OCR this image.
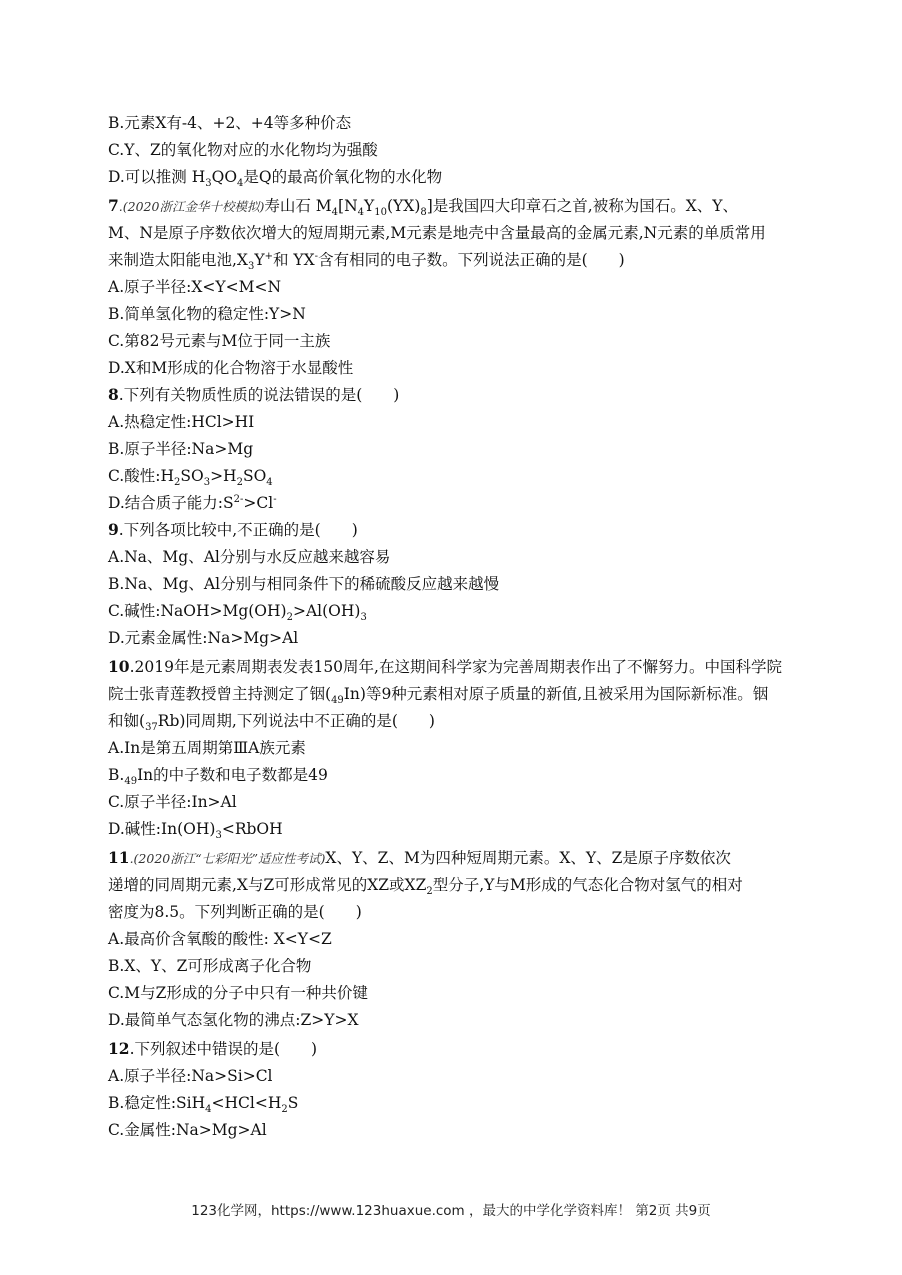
B.元素X有-4、+2、+4等多种价态
C.Y、Z的氧化物对应的水化物均为强酸
D.可以推测 $H_3QO_4$是Q的最高价氧化物的水化物
7.(2020浙江金华十校模拟)寿山石 $M_4[N_4Y_{10}(YX)_8]$是我国四大印章石之首,被称为国石。X、Y、
M、N是原子序数依次增大的短周期元素,M元素是地壳中含量最高的金属元素,N元素的单质常用
来制造太阳能电池$,X_3Y^+$和 YX-含有相同的电子数。下列说法正确的是(　　)
A.原子半径:X<Y<M<N
B.简单氢化物的稳定性:Y>N
C.第82号元素与M位于同一主族
D.X和M形成的化合物溶于水显酸性
8.下列有关物质性质的说法错误的是(　　)
A.热稳定性:HCl>HI
B.原子半径:Na>Mg
C.酸性$:H_2SO_3>H_2SO_4$
D.结合质子能力$:S^{2-}>Cl^-$
9.下列各项比较中,不正确的是(　　)
A.Na、Mg、Al分别与水反应越来越容易
B.Na、Mg、Al分别与相同条件下的稀硫酸反应越来越慢
C.碱性$:NaOH>Mg(OH)_2>Al(OH)_3$
D.元素金属性:Na>Mg>Al
10.2019年是元素周期表发表150周年,在这期间科学家为完善周期表作出了不懈努力。中国科学院
院士张青莲教授曾主持测定了铟$(_{49}In)$等9种元素相对原子质量的新值,且被采用为国际新标准。铟
和铷$(_{37}Rb)$同周期,下列说法中不正确的是(　　)
A.In是第五周期第ⅢA族元素
$B._{49}In$的中子数和电子数都是49
C.原子半径:In>Al
D.碱性$:In(OH)_3<RbOH$
11.(2020浙江“七彩阳光”适应性考试)X、Y、Z、M为四种短周期元素。X、Y、Z是原子序数依次
递增的同周期元素,X与Z可形成常见的XZ或$XZ_2$型分子,Y与M形成的气态化合物对氢气的相对
密度为8.5。下列判断正确的是(　　)
A.最高价含氧酸的酸性: X<Y<Z
B.X、Y、Z可形成离子化合物
C.M与Z形成的分子中只有一种共价键
D.最简单气态氢化物的沸点:Z>Y>X
12.下列叙述中错误的是(　　)
A.原子半径:Na>Si>Cl
B.稳定性$:SiH_4<HCl<H_2S$
C.金属性:Na>Mg>Al
123化学网，https://www.123huaxue.com ，最大的中学化学资料库！ 第2页 共9页
